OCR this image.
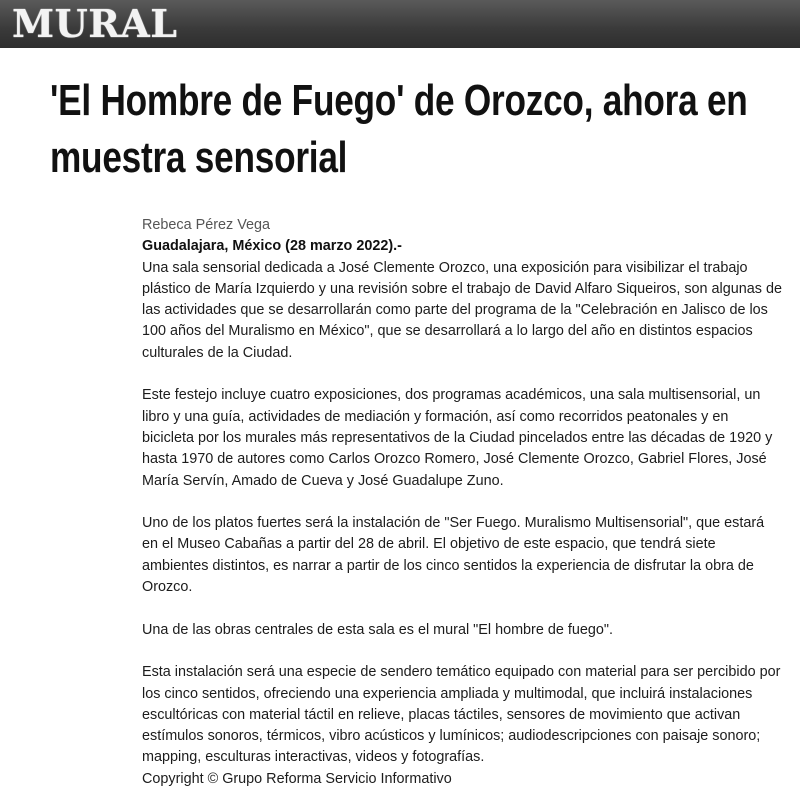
MURAL
'El Hombre de Fuego' de Orozco, ahora en muestra sensorial
Rebeca Pérez Vega
Guadalajara, México (28 marzo 2022).-

Una sala sensorial dedicada a José Clemente Orozco, una exposición para visibilizar el trabajo plástico de María Izquierdo y una revisión sobre el trabajo de David Alfaro Siqueiros, son algunas de las actividades que se desarrollarán como parte del programa de la "Celebración en Jalisco de los 100 años del Muralismo en México", que se desarrollará a lo largo del año en distintos espacios culturales de la Ciudad.

Este festejo incluye cuatro exposiciones, dos programas académicos, una sala multisensorial, un libro y una guía, actividades de mediación y formación, así como recorridos peatonales y en bicicleta por los murales más representativos de la Ciudad pincelados entre las décadas de 1920 y hasta 1970 de autores como Carlos Orozco Romero, José Clemente Orozco, Gabriel Flores, José María Servín, Amado de Cueva y José Guadalupe Zuno.

Uno de los platos fuertes será la instalación de "Ser Fuego. Muralismo Multisensorial", que estará en el Museo Cabañas a partir del 28 de abril. El objetivo de este espacio, que tendrá siete ambientes distintos, es narrar a partir de los cinco sentidos la experiencia de disfrutar la obra de Orozco.

Una de las obras centrales de esta sala es el mural "El hombre de fuego".

Esta instalación será una especie de sendero temático equipado con material para ser percibido por los cinco sentidos, ofreciendo una experiencia ampliada y multimodal, que incluirá instalaciones escultóricas con material táctil en relieve, placas táctiles, sensores de movimiento que activan estímulos sonoros, térmicos, vibro acústicos y lumínicos; audiodescripciones con paisaje sonoro; mapping, esculturas interactivas, videos y fotografías.

Copyright © Grupo Reforma Servicio Informativo
